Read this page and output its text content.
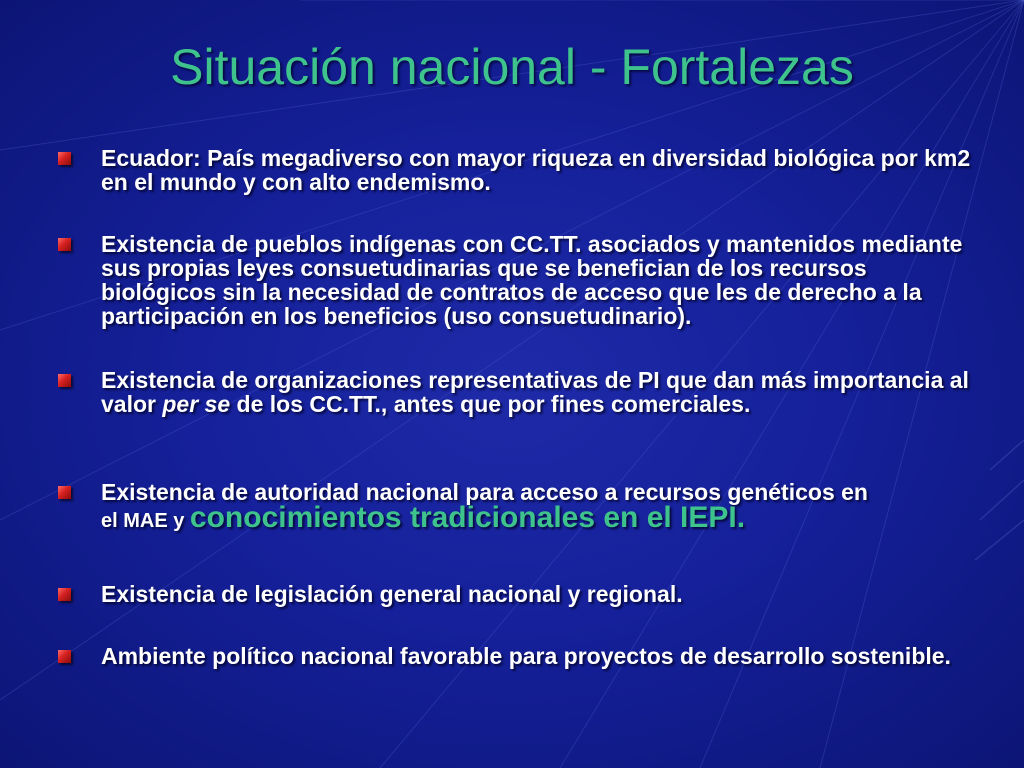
Situación nacional - Fortalezas
Ecuador: País megadiverso con mayor riqueza en diversidad biológica por km2 en el mundo y con alto endemismo.
Existencia de pueblos indígenas con CC.TT. asociados y mantenidos mediante sus propias leyes consuetudinarias que se benefician de los recursos biológicos sin la necesidad de contratos de acceso que les de derecho a la participación en los beneficios (uso consuetudinario).
Existencia de organizaciones representativas de PI que dan más importancia al valor per se de los CC.TT., antes que por fines comerciales.
Existencia de autoridad nacional para acceso a recursos genéticos en
el MAE y conocimientos tradicionales en el IEPI.
Existencia de legislación general nacional y regional.
Ambiente político nacional favorable para proyectos de desarrollo sostenible.
